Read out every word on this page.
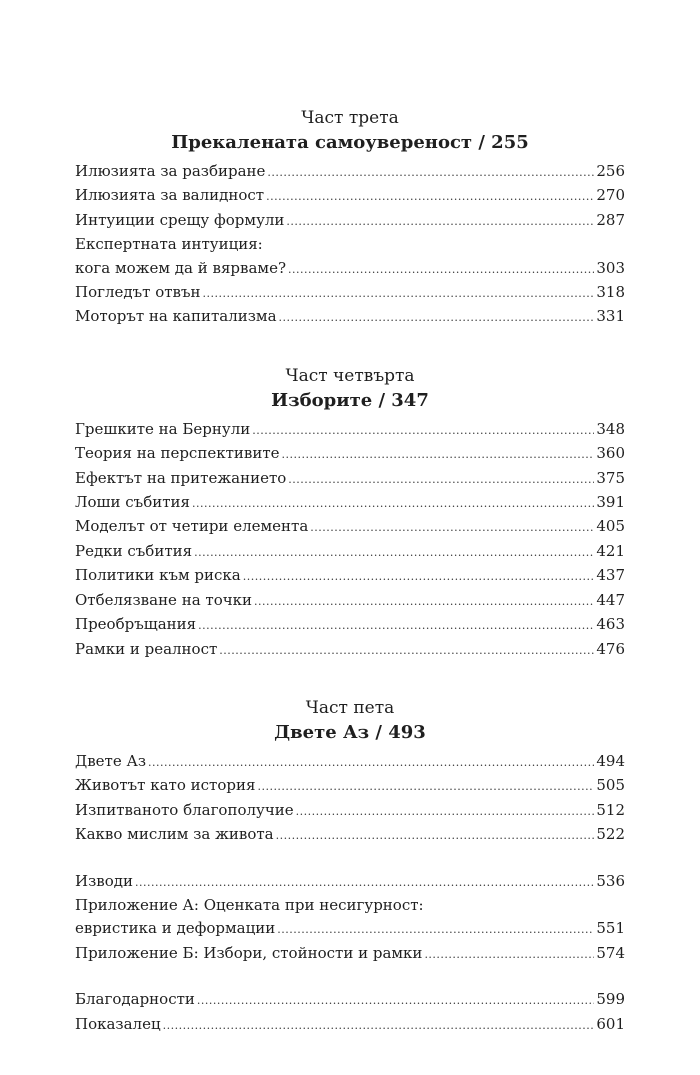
Част трета
Прекалената самоувереност / 255
Илюзията за разбиране .....	256
Илюзията за валидност .....	270
Интуиции срещу формули .....	287
Експертната интуиция:
кога можем да й вярваме? .....	303
Погледът отвън .....	318
Моторът на капитализма .....	331
Част четвърта
Изборите / 347
Грешките на Бернули .....	348
Теория на перспективите .....	360
Ефектът на притежанието .....	375
Лоши събития .....	391
Моделът от четири елемента .....	405
Редки събития .....	421
Политики към риска .....	437
Отбелязване на точки .....	447
Преобръщания .....	463
Рамки и реалност .....	476
Част пета
Двете Аз / 493
Двете Аз .....	494
Животът като история .....	505
Изпитваното благополучие .....	512
Какво мислим за живота .....	522
Изводи .....	536
Приложение А: Оценката при несигурност:
евристика и деформации .....	551
Приложение Б: Избори, стойности и рамки .....	574
Благодарности .....	599
Показалец .....	601
